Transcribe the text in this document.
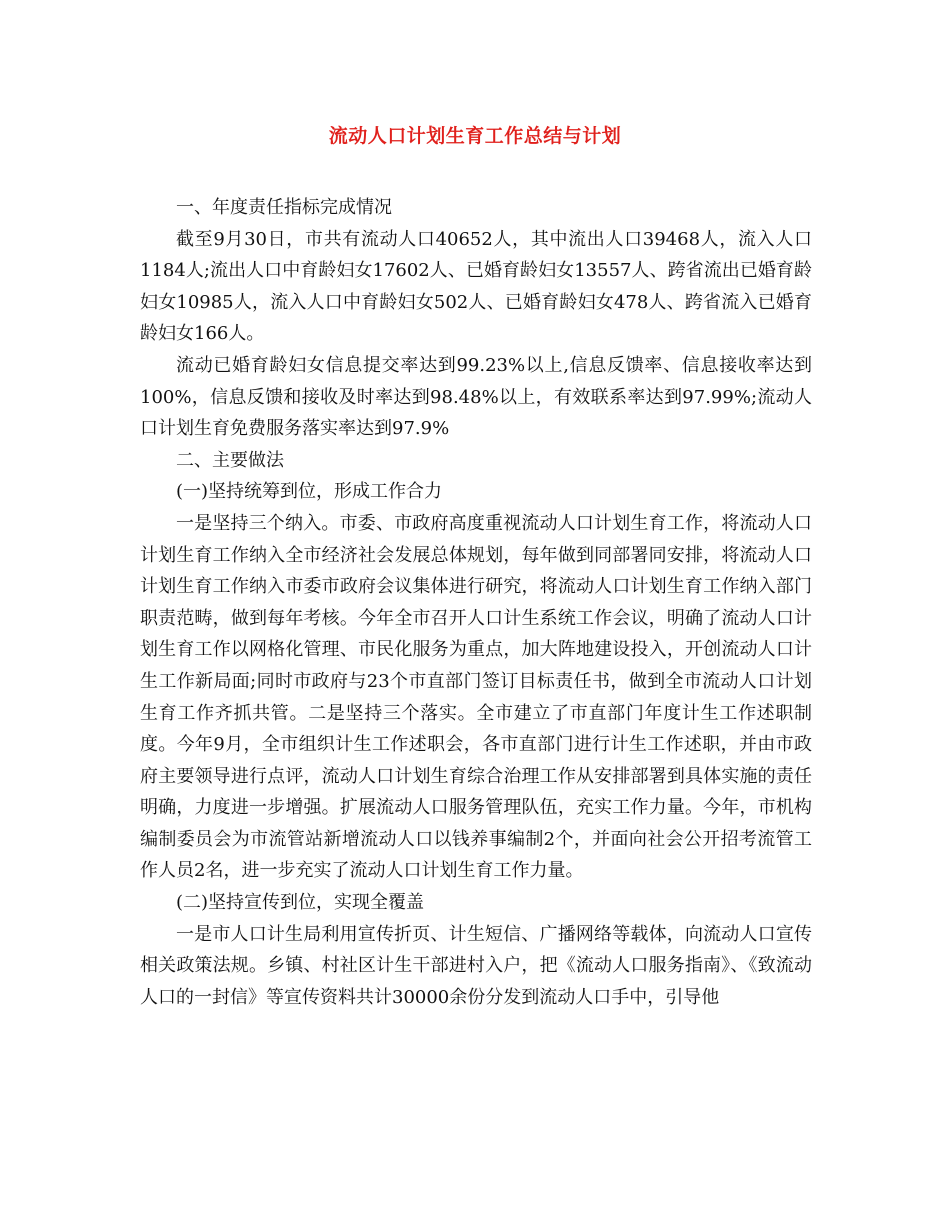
流动人口计划生育工作总结与计划

一、年度责任指标完成情况

截至9月30日，市共有流动人口40652人，其中流出人口39468人，流入人口1184人;流出人口中育龄妇女17602人、已婚育龄妇女13557人、跨省流出已婚育龄妇女10985人，流入人口中育龄妇女502人、已婚育龄妇女478人、跨省流入已婚育龄妇女166人。

流动已婚育龄妇女信息提交率达到99.23%以上,信息反馈率、信息接收率达到100%，信息反馈和接收及时率达到98.48%以上，有效联系率达到97.99%;流动人口计划生育免费服务落实率达到97.9%

二、主要做法

(一)坚持统筹到位，形成工作合力

一是坚持三个纳入。市委、市政府高度重视流动人口计划生育工作，将流动人口计划生育工作纳入全市经济社会发展总体规划，每年做到同部署同安排，将流动人口计划生育工作纳入市委市政府会议集体进行研究，将流动人口计划生育工作纳入部门职责范畴，做到每年考核。今年全市召开人口计生系统工作会议，明确了流动人口计划生育工作以网格化管理、市民化服务为重点，加大阵地建设投入，开创流动人口计生工作新局面;同时市政府与23个市直部门签订目标责任书，做到全市流动人口计划生育工作齐抓共管。二是坚持三个落实。全市建立了市直部门年度计生工作述职制度。今年9月，全市组织计生工作述职会，各市直部门进行计生工作述职，并由市政府主要领导进行点评，流动人口计划生育综合治理工作从安排部署到具体实施的责任明确，力度进一步增强。扩展流动人口服务管理队伍，充实工作力量。今年，市机构编制委员会为市流管站新增流动人口以钱养事编制2个，并面向社会公开招考流管工作人员2名，进一步充实了流动人口计划生育工作力量。

(二)坚持宣传到位，实现全覆盖

一是市人口计生局利用宣传折页、计生短信、广播网络等载体，向流动人口宣传相关政策法规。乡镇、村社区计生干部进村入户，把《流动人口服务指南》、《致流动人口的一封信》等宣传资料共计30000余份分发到流动人口手中，引导他
